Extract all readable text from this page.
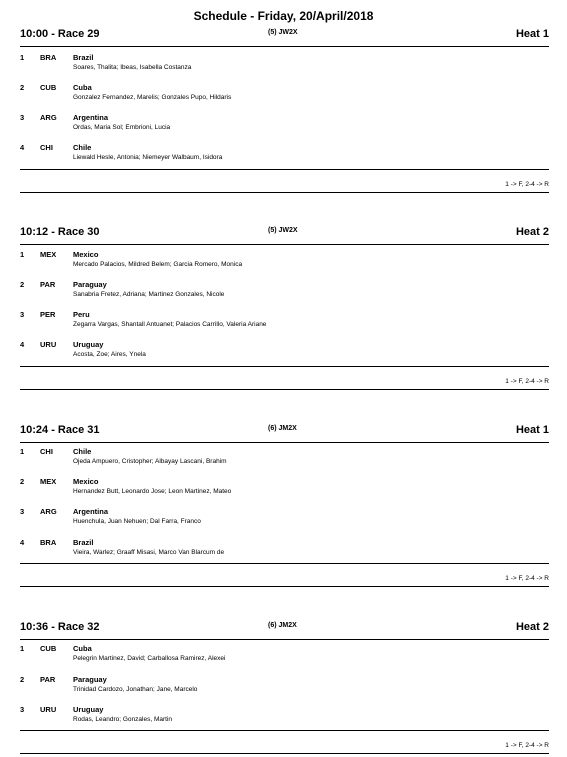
Schedule - Friday, 20/April/2018
10:00 - Race 29	(5) JW2X	Heat 1
1 BRA Brazil
Soares, Thalita; Ibeas, Isabella Costanza
2 CUB Cuba
Gonzalez Fernandez, Marelis; Gonzales Pupo, Hildaris
3 ARG Argentina
Ordas, Maria Sol; Embrioni, Lucia
4 CHI	Chile
Liewald Hesle, Antonia; Niemeyer Walbaum, Isidora
1 -> F, 2-4 -> R
10:12 - Race 30	(5) JW2X	Heat 2
1 MEX Mexico
Mercado Palacios, Mildred Belem; Garcia Romero, Monica
2 PAR Paraguay
Sanabria Fretez, Adriana; Martinez Gonzales, Nicole
3 PER Peru
Zegarra Vargas, Shantall Antuanet; Palacios Carrillo, Valeria Ariane
4 URU Uruguay
Acosta, Zoe; Aires, Ynela
1 -> F, 2-4 -> R
10:24 - Race 31	(6) JM2X	Heat 1
1 CHI	Chile
Ojeda Ampuero, Cristopher; Albayay Lascani, Brahim
2 MEX Mexico
Hernandez Butt, Leonardo Jose; Leon Martinez, Mateo
3 ARG Argentina
Huenchula, Juan Nehuen; Dal Farra, Franco
4 BRA Brazil
Vieira, Warlez; Graaff Misasi, Marco Van Blarcum de
1 -> F, 2-4 -> R
10:36 - Race 32	(6) JM2X	Heat 2
1 CUB Cuba
Pelegrin Martinez, David; Carballosa Ramirez, Alexei
2 PAR Paraguay
Trinidad Cardozo, Jonathan; Jane, Marcelo
3 URU Uruguay
Rodas, Leandro; Gonzales, Martin
1 -> F, 2-4 -> R
